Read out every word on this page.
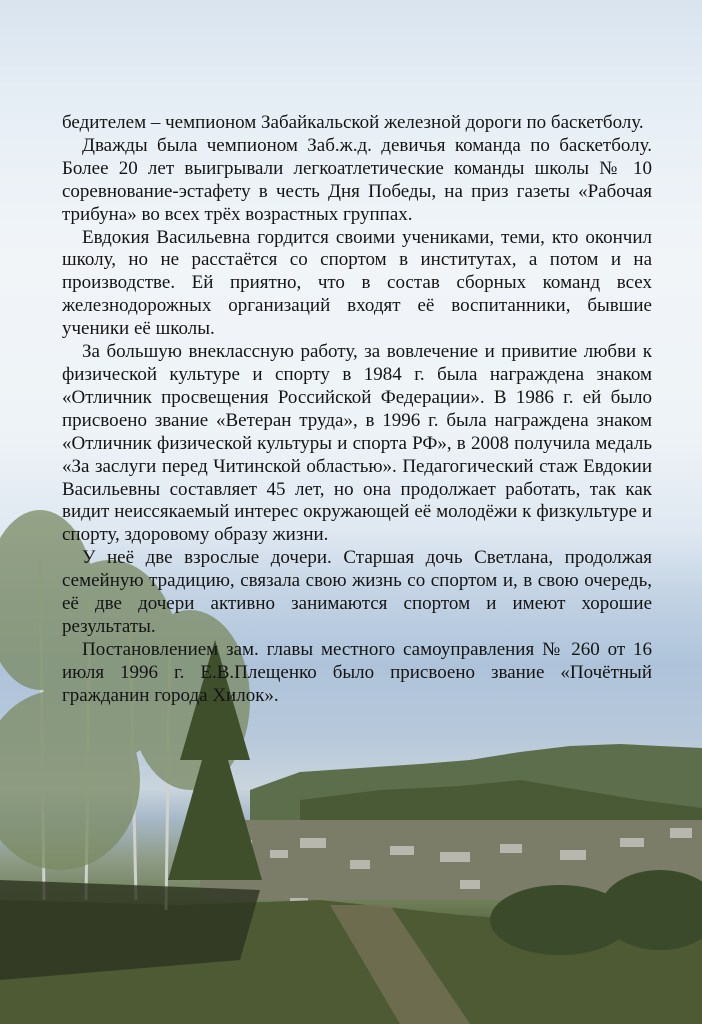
бедителем – чемпионом Забайкальской железной дороги по баскетболу.

Дважды была чемпионом Заб.ж.д. девичья команда по баскетболу. Более 20 лет выигрывали легкоатлетические команды школы № 10 соревнование-эстафету в честь Дня Победы, на приз газеты «Рабочая трибуна» во всех трёх возрастных группах.

Евдокия Васильевна гордится своими учениками, теми, кто окончил школу, но не расстаётся со спортом в институтах, а потом и на производстве. Ей приятно, что в состав сборных команд всех железнодорожных организаций входят её воспитанники, бывшие ученики её школы.

За большую внеклассную работу, за вовлечение и привитие любви к физической культуре и спорту в 1984 г. была награждена знаком «Отличник просвещения Российской Федерации». В 1986 г. ей было присвоено звание «Ветеран труда», в 1996 г. была награждена знаком «Отличник физической культуры и спорта РФ», в 2008 получила медаль «За заслуги перед Читинской областью». Педагогический стаж Евдокии Васильевны составляет 45 лет, но она продолжает работать, так как видит неиссякаемый интерес окружающей её молодёжи к физкультуре и спорту, здоровому образу жизни.

У неё две взрослые дочери. Старшая дочь Светлана, продолжая семейную традицию, связала свою жизнь со спортом и, в свою очередь, её две дочери активно занимаются спортом и имеют хорошие результаты.

Постановлением зам. главы местного самоуправления № 260 от 16 июля 1996 г. Е.В.Плещенко было присвоено звание «Почётный гражданин города Хилок».
